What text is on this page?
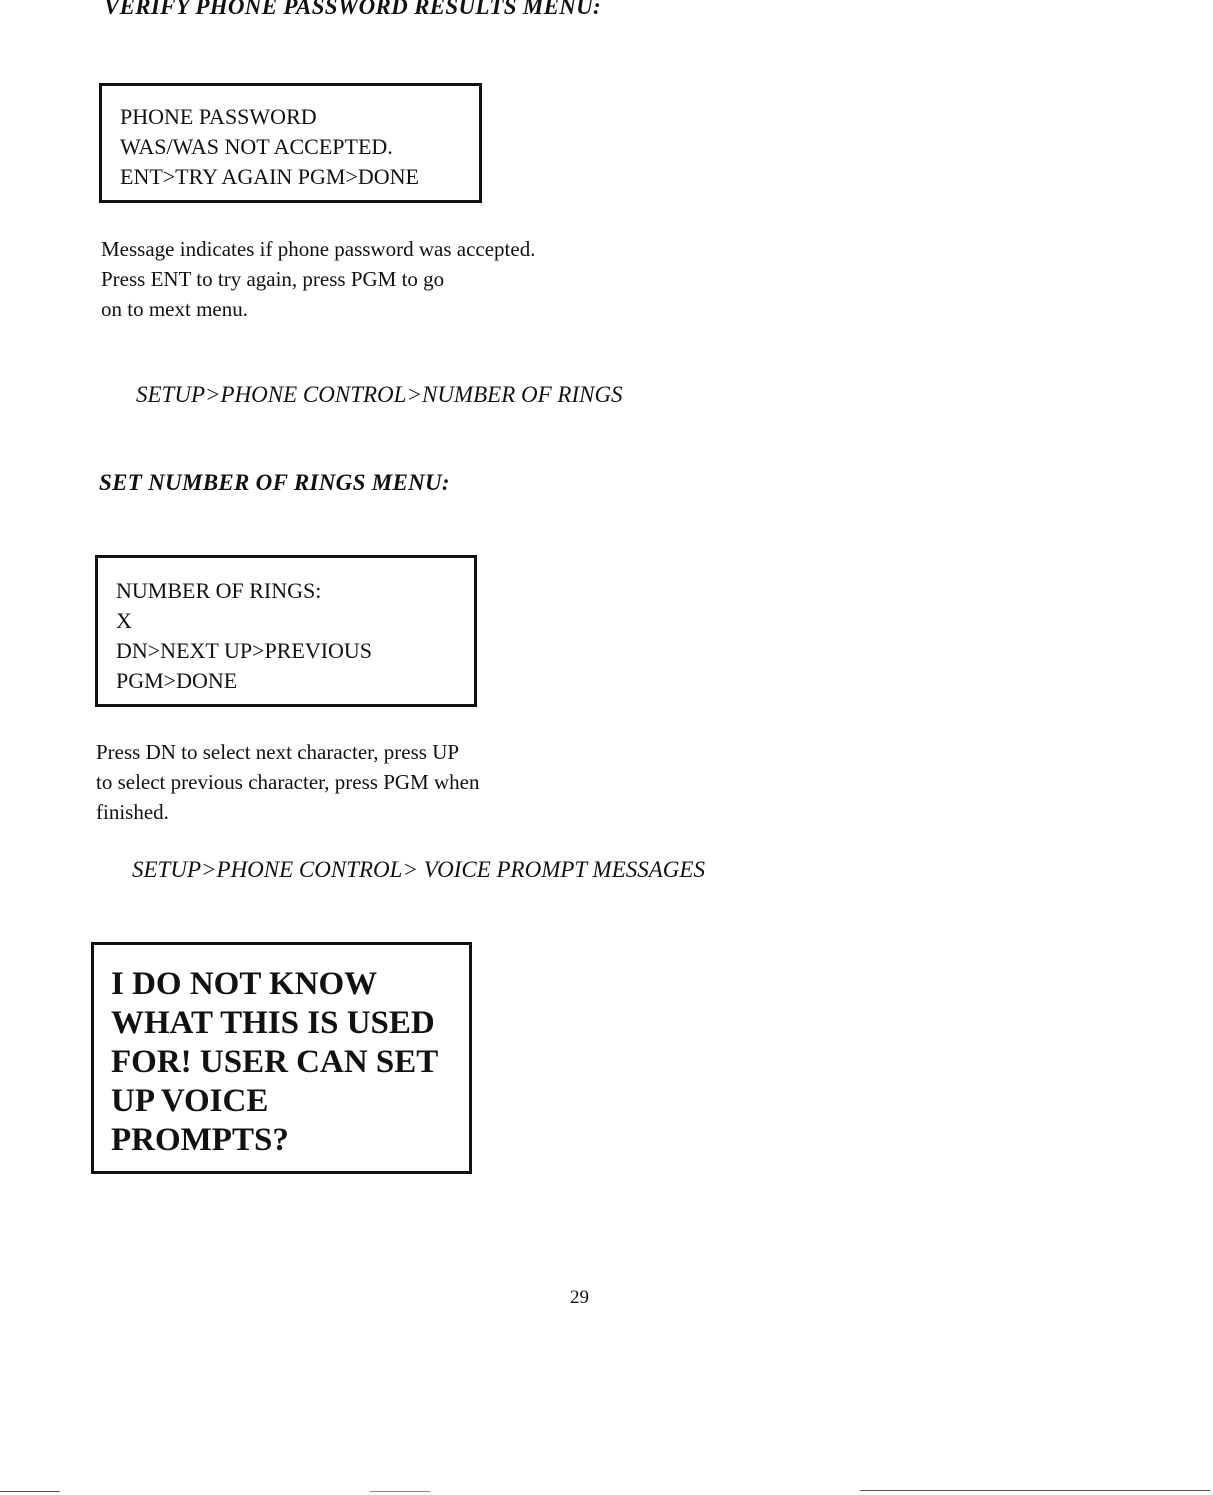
VERIFY PHONE PASSWORD RESULTS MENU:
PHONE PASSWORD
WAS/WAS NOT ACCEPTED.
ENT>TRY AGAIN PGM>DONE
Message indicates if phone password was accepted.
Press ENT to try again, press PGM to go
on to mext menu.
SETUP>PHONE CONTROL>NUMBER OF RINGS
SET NUMBER OF RINGS MENU:
NUMBER OF RINGS:
X
DN>NEXT UP>PREVIOUS
PGM>DONE
Press DN to select next character, press UP
to select previous character, press PGM when
finished.
SETUP>PHONE CONTROL> VOICE PROMPT MESSAGES
I DO NOT KNOW
WHAT THIS IS USED
FOR! USER CAN SET
UP VOICE
PROMPTS?
29
